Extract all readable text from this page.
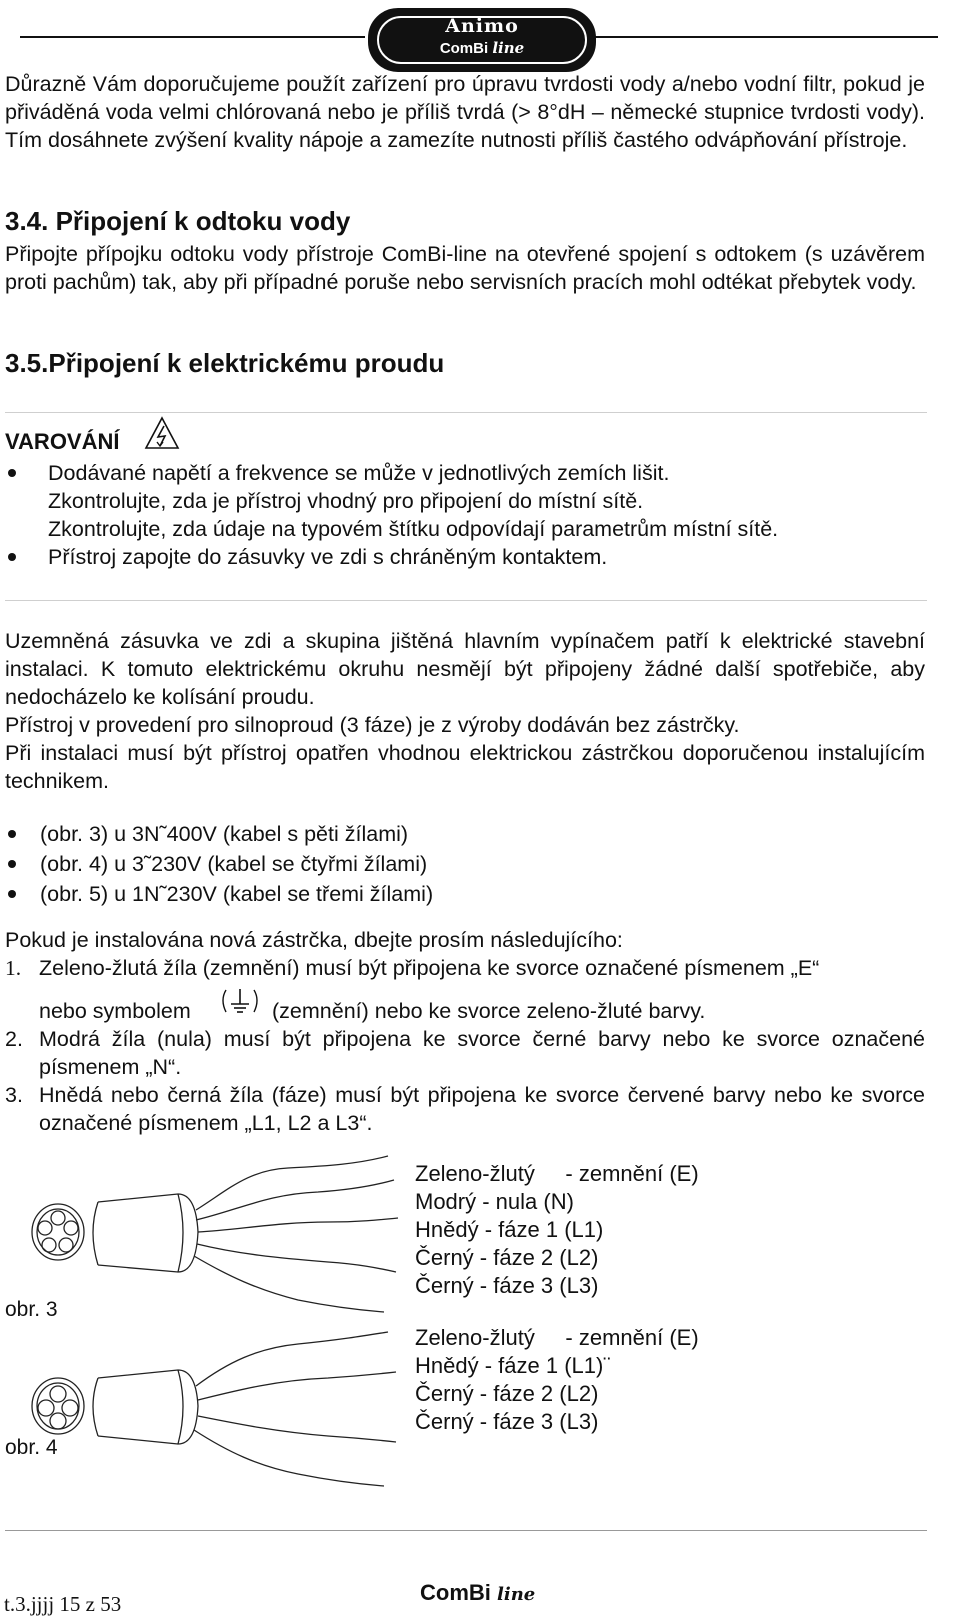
Animo
ComBi line
Důrazně Vám doporučujeme použít zařízení pro úpravu tvrdosti vody a/nebo vodní filtr, pokud je přiváděná voda velmi chlórovaná nebo je příliš tvrdá (> 8°dH – německé stupnice tvrdosti vody). Tím dosáhnete zvýšení kvality nápoje a zamezíte nutnosti příliš častého odvápňování přístroje.
3.4. Připojení k odtoku vody
Připojte přípojku odtoku vody přístroje ComBi-line na otevřené spojení s odtokem (s uzávěrem proti pachům) tak, aby při případné poruše nebo servisních pracích mohl odtékat přebytek vody.
3.5.Připojení k elektrickému proudu
VAROVÁNÍ
Dodávané napětí a frekvence se může v jednotlivých zemích lišit.
Zkontrolujte, zda je přístroj vhodný pro připojení do místní sítě.
Zkontrolujte, zda údaje na typovém štítku odpovídají parametrům místní sítě.
Přístroj zapojte do zásuvky ve zdi s chráněným kontaktem.
Uzemněná zásuvka ve zdi a skupina jištěná hlavním vypínačem patří k elektrické stavební instalaci. K tomuto elektrickému okruhu nesmějí být připojeny žádné další spotřebiče, aby nedocházelo ke kolísání proudu.
Přístroj v provedení pro silnoproud (3 fáze) je z výroby dodáván bez zástrčky.
Při instalaci musí být přístroj opatřen vhodnou elektrickou zástrčkou doporučenou instalujícím technikem.
(obr. 3) u 3N˜400V (kabel s pěti žílami)
(obr. 4) u 3˜230V (kabel se čtyřmi žílami)
(obr. 5) u 1N˜230V (kabel se třemi žílami)
Pokud je instalována nová zástrčka, dbejte prosím následujícího:
1. Zeleno-žlutá žíla (zemnění) musí být připojena ke svorce označené písmenem „E“
nebo symbolem	(zemnění) nebo ke svorce zeleno-žluté barvy.
2. Modrá žíla (nula) musí být připojena ke svorce černé barvy nebo ke svorce označené písmenem „N“.
3. Hnědá nebo černá žíla (fáze) musí být připojena ke svorce červené barvy nebo ke svorce označené písmenem „L1, L2 a L3“.
obr. 3
Zeleno-žlutý     - zemnění (E)
Modrý - nula (N)
Hnědý - fáze 1 (L1)
Černý - fáze 2 (L2)
Černý - fáze 3 (L3)
obr. 4
Zeleno-žlutý     - zemnění (E)
Hnědý - fáze 1 (L1)¨
Černý - fáze 2 (L2)
Černý - fáze 3 (L3)
t.3.jjjj 15 z 53	ComBi line
